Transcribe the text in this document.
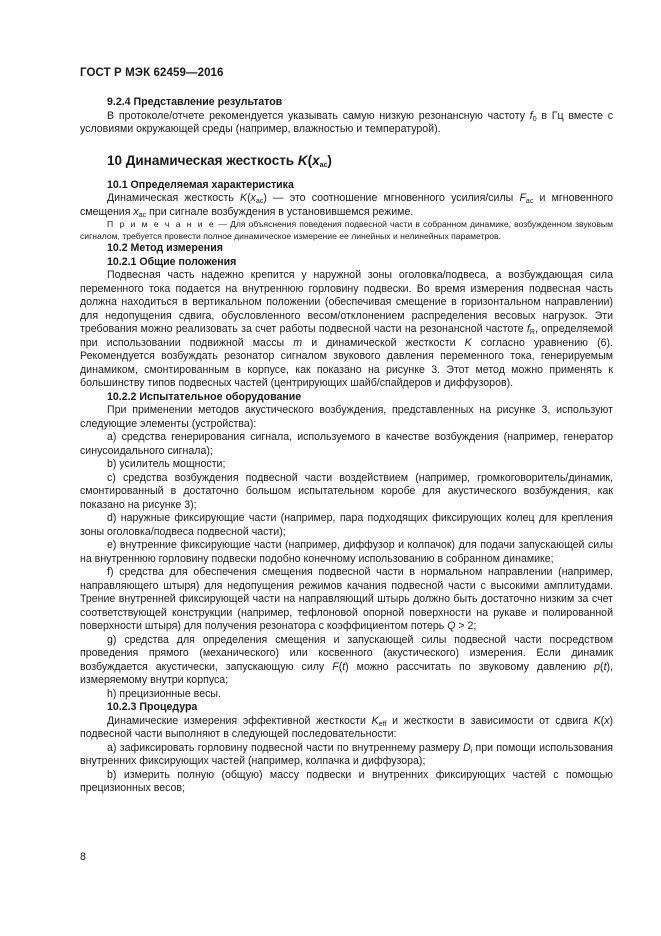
ГОСТ Р МЭК 62459—2016

9.2.4 Представление результатов

В протоколе/отчете рекомендуется указывать самую низкую резонансную частоту $f_0$ в Гц вместе с условиями окружающей среды (например, влажностью и температурой).

10 Динамическая жесткость $K(x_{ac})$

10.1 Определяемая характеристика

Динамическая жесткость $K(x_{ac})$ — это соотношение мгновенного усилия/силы $F_{ac}$ и мгновенного смещения $x_{ac}$ при сигнале возбуждения в установившемся режиме.

П р и м е ч а н и е — Для объяснения поведения подвесной части в собранном динамике, возбужденном звуковым сигналом, требуется провести полное динамическое измерение ее линейных и нелинейных параметров.

10.2 Метод измерения

10.2.1 Общие положения

Подвесная часть надежно крепится у наружной зоны оголовка/подвеса, а возбуждающая сила переменного тока подается на внутреннюю горловину подвески. Во время измерения подвесная часть должна находиться в вертикальном положении (обеспечивая смещение в горизонтальном направлении) для недопущения сдвига, обусловленного весом/отклонением распределения весовых нагрузок. Эти требования можно реализовать за счет работы подвесной части на резонансной частоте $f_R$, определяемой при использовании подвижной массы m и динамической жесткости K согласно уравнению (6). Рекомендуется возбуждать резонатор сигналом звукового давления переменного тока, генерируемым динамиком, смонтированным в корпусе, как показано на рисунке 3. Этот метод можно применять к большинству типов подвесных частей (центрирующих шайб/спайдеров и диффузоров).

10.2.2 Испытательное оборудование

При применении методов акустического возбуждения, представленных на рисунке 3, используют следующие элементы (устройства):

a) средства генерирования сигнала, используемого в качестве возбуждения (например, генератор синусоидального сигнала);

b) усилитель мощности;

c) средства возбуждения подвесной части воздействием (например, громкоговоритель/динамик, смонтированный в достаточно большом испытательном коробе для акустического возбуждения, как показано на рисунке 3);

d) наружные фиксирующие части (например, пара подходящих фиксирующих колец для крепления зоны оголовка/подвеса подвесной части);

e) внутренние фиксирующие части (например, диффузор и колпачок) для подачи запускающей силы на внутреннюю горловину подвески подобно конечному использованию в собранном динамике;

f) средства для обеспечения смещения подвесной части в нормальном направлении (например, направляющего штыря) для недопущения режимов качания подвесной части с высокими амплитудами. Трение внутренней фиксирующей части на направляющий штырь должно быть достаточно низким за счет соответствующей конструкции (например, тефлоновой опорной поверхности на рукаве и полированной поверхности штыря) для получения резонатора с коэффициентом потерь Q > 2;

g) средства для определения смещения и запускающей силы подвесной части посредством проведения прямого (механического) или косвенного (акустического) измерения. Если динамик возбуждается акустически, запускающую силу F(t) можно рассчитать по звуковому давлению p(t), измеряемому внутри корпуса;

h) прецизионные весы.

10.2.3 Процедура

Динамические измерения эффективной жесткости $K_{eff}$ и жесткости в зависимости от сдвига K(x) подвесной части выполняют в следующей последовательности:

a) зафиксировать горловину подвесной части по внутреннему размеру $D_i$ при помощи использования внутренних фиксирующих частей (например, колпачка и диффузора);

b) измерить полную (общую) массу подвески и внутренних фиксирующих частей с помощью прецизионных весов;

8
